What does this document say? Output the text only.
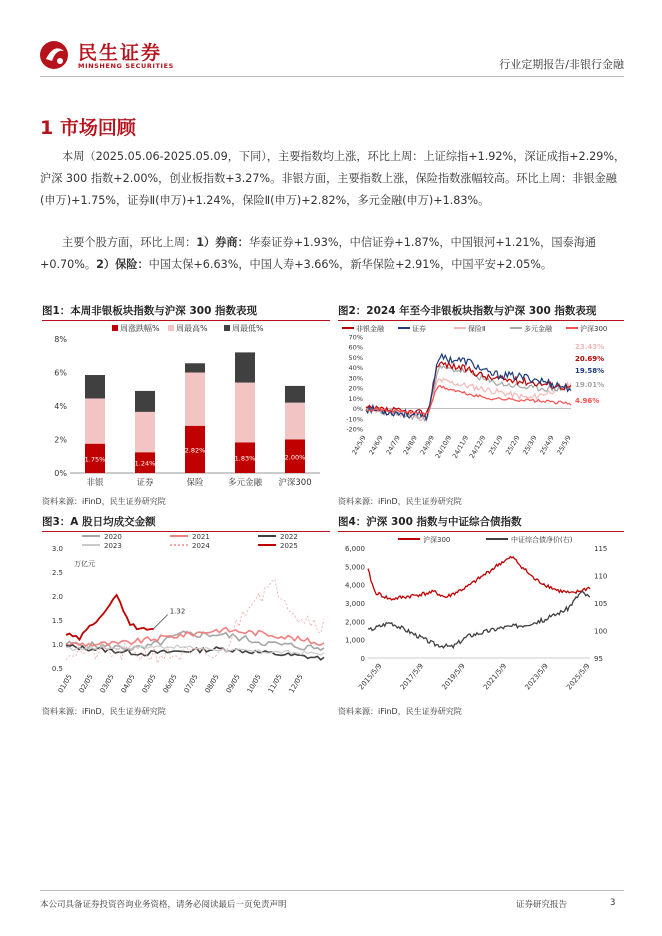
民生证券
MINSHENG SECURITIES	行业定期报告/非银行金融
1 市场回顾
本周（2025.05.06-2025.05.09，下同），主要指数均上涨，环比上周：上证综指+1.92%，深证成指+2.29%，沪深 300 指数+2.00%，创业板指数+3.27%。非银方面，主要指数上涨，保险指数涨幅较高。环比上周：非银金融(申万)+1.75%，证券Ⅱ(申万)+1.24%，保险Ⅱ(申万)+2.82%，多元金融(申万)+1.83%。
主要个股方面，环比上周：1）券商：华泰证券+1.93%，中信证券+1.87%，中国银河+1.21%，国泰海通+0.70%。2）保险：中国太保+6.63%，中国人寿+3.66%，新华保险+2.91%，中国平安+2.05%。
图1：本周非银板块指数与沪深 300 指数表现
周涨跌幅% 周最高%	周最低%
0%
2%
4%
6%
8%
1.75%
非银
1.24%
证券
2.82%
保险
1.83%
多元金融
2.00%
沪深300
资料来源：iFinD，民生证券研究院
图2：2024 年至今非银板块指数与沪深 300 指数表现
非银金融	证券	保险Ⅱ	多元金融	沪深300
-20%
-10%
0%
10%
20%
30%
40%
50%
60%
70%
23.43%
20.69%
19.58%
19.01%
4.96%
24/5/9 24/6/9 24/7/9 24/8/9 24/9/9
24/10/9
24/11/9
24/12/9 25/1/9 25/2/9 25/3/9 25/4/9 25/5/9
资料来源：iFinD，民生证券研究院
图3：A 股日均成交金额
2020	2021	2022
2023	2024	2025
万亿元
0.5
1.0
1.5
2.0
2.5
3.0
1.32
01/05 02/05 03/05 04/05 05/05 06/05 07/05 08/05 09/05 10/05 11/05 12/05
资料来源：iFinD，民生证券研究院
图4：沪深 300 指数与中证综合债指数
沪深300	中证综合债净价(右)
0
1,000
2,000
3,000
4,000
5,000
6,000
95
100
105
110
115
2015/5/9 2017/5/9 2019/5/9 2021/5/9 2023/5/9 2025/5/9
资料来源：iFinD，民生证券研究院
本公司具备证券投资咨询业务资格，请务必阅读最后一页免责声明	证券研究报告	3
